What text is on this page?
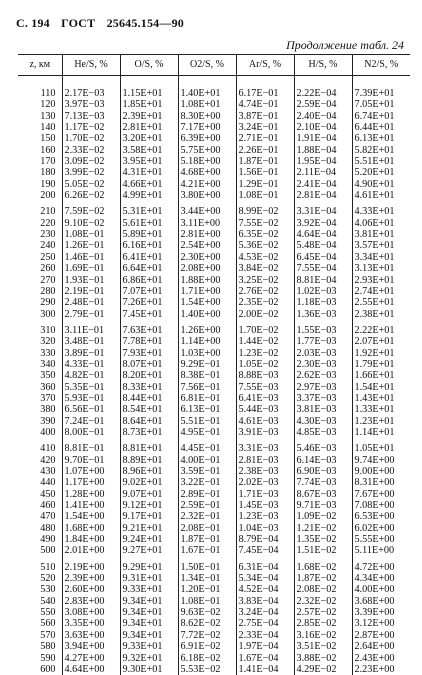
С. 194 ГОСТ 25645.154—90
Продолжение табл. 24
z, км	He/S, %	O/S, %	O2/S, %	Ar/S, %	H/S, %	N2/S, %
110	2.17E−03	1.15E+01	1.40E+01	6.17E−01	2.22E−04	7.39E+01
120	3.97E−03	1.85E+01	1.08E+01	4.74E−01	2.59E−04	7.05E+01
130	7.13E−03	2.39E+01	8.30E+00	3.87E−01	2.40E−04	6.74E+01
140	1.17E−02	2.81E+01	7.17E+00	3.24E−01	2.10E−04	6.44E+01
150	1.70E−02	3.20E+01	6.39E+00	2.71E−01	1.91E−04	6.13E+01
160	2.33E−02	3.58E+01	5.75E+00	2.26E−01	1.88E−04	5.82E+01
170	3.09E−02	3.95E+01	5.18E+00	1.87E−01	1.95E−04	5.51E+01
180	3.99E−02	4.31E+01	4.68E+00	1.56E−01	2.11E−04	5.20E+01
190	5.05E−02	4.66E+01	4.21E+00	1.29E−01	2.41E−04	4.90E+01
200	6.26E−02	4.99E+01	3.80E+00	1.08E−01	2.81E−04	4.61E+01
210	7.59E−02	5.31E+01	3.44E+00	8.99E−02	3.31E−04	4.33E+01
220	9.10E−02	5.61E+01	3.11E+00	7.55E−02	3.92E−04	4.06E+01
230	1.08E−01	5.89E+01	2.81E+00	6.35E−02	4.64E−04	3.81E+01
240	1.26E−01	6.16E+01	2.54E+00	5.36E−02	5.48E−04	3.57E+01
250	1.46E−01	6.41E+01	2.30E+00	4.53E−02	6.45E−04	3.34E+01
260	1.69E−01	6.64E+01	2.08E+00	3.84E−02	7.55E−04	3.13E+01
270	1.93E−01	6.86E+01	1.88E+00	3.25E−02	8.81E−04	2.93E+01
280	2.19E−01	7.07E+01	1.71E+00	2.76E−02	1.02E−03	2.74E+01
290	2.48E−01	7.26E+01	1.54E+00	2.35E−02	1.18E−03	2.55E+01
300	2.79E−01	7.45E+01	1.40E+00	2.00E−02	1.36E−03	2.38E+01
310	3.11E−01	7.63E+01	1.26E+00	1.70E−02	1.55E−03	2.22E+01
320	3.48E−01	7.78E+01	1.14E+00	1.44E−02	1.77E−03	2.07E+01
330	3.89E−01	7.93E+01	1.03E+00	1.23E−02	2.03E−03	1.92E+01
340	4.33E−01	8.07E+01	9.29E−01	1.05E−02	2.30E−03	1.79E+01
350	4.82E−01	8.20E+01	8.38E−01	8.88E−03	2.62E−03	1.66E+01
360	5.35E−01	8.33E+01	7.56E−01	7.55E−03	2.97E−03	1.54E+01
370	5.93E−01	8.44E+01	6.81E−01	6.41E−03	3.37E−03	1.43E+01
380	6.56E−01	8.54E+01	6.13E−01	5.44E−03	3.81E−03	1.33E+01
390	7.24E−01	8.64E+01	5.51E−01	4.61E−03	4.30E−03	1.23E+01
400	8.00E−01	8.73E+01	4.95E−01	3.91E−03	4.85E−03	1.14E+01
410	8.81E−01	8.81E+01	4.45E−01	3.31E−03	5.46E−03	1.05E+01
420	9.70E−01	8.89E+01	4.00E−01	2.81E−03	6.14E−03	9.74E+00
430	1.07E+00	8.96E+01	3.59E−01	2.38E−03	6.90E−03	9.00E+00
440	1.17E+00	9.02E+01	3.22E−01	2.02E−03	7.74E−03	8.31E+00
450	1.28E+00	9.07E+01	2.89E−01	1.71E−03	8.67E−03	7.67E+00
460	1.41E+00	9.12E+01	2.59E−01	1.45E−03	9.71E−03	7.08E+00
470	1.54E+00	9.17E+01	2.32E−01	1.23E−03	1.09E−02	6.53E+00
480	1.68E+00	9.21E+01	2.08E−01	1.04E−03	1.21E−02	6.02E+00
490	1.84E+00	9.24E+01	1.87E−01	8.79E−04	1.35E−02	5.55E+00
500	2.01E+00	9.27E+01	1.67E−01	7.45E−04	1.51E−02	5.11E+00
510	2.19E+00	9.29E+01	1.50E−01	6.31E−04	1.68E−02	4.72E+00
520	2.39E+00	9.31E+01	1.34E−01	5.34E−04	1.87E−02	4.34E+00
530	2.60E+00	9.33E+01	1.20E−01	4.52E−04	2.08E−02	4.00E+00
540	2.83E+00	9.34E+01	1.08E−01	3.83E−04	2.32E−02	3.68E+00
550	3.08E+00	9.34E+01	9.63E−02	3.24E−04	2.57E−02	3.39E+00
560	3.35E+00	9.34E+01	8.62E−02	2.75E−04	2.85E−02	3.12E+00
570	3.63E+00	9.34E+01	7.72E−02	2.33E−04	3.16E−02	2.87E+00
580	3.94E+00	9.33E+01	6.91E−02	1.97E−04	3.51E−02	2.64E+00
590	4.27E+00	9.32E+01	6.18E−02	1.67E−04	3.88E−02	2.43E+00
600	4.64E+00	9.30E+01	5.53E−02	1.41E−04	4.29E−02	2.23E+00
